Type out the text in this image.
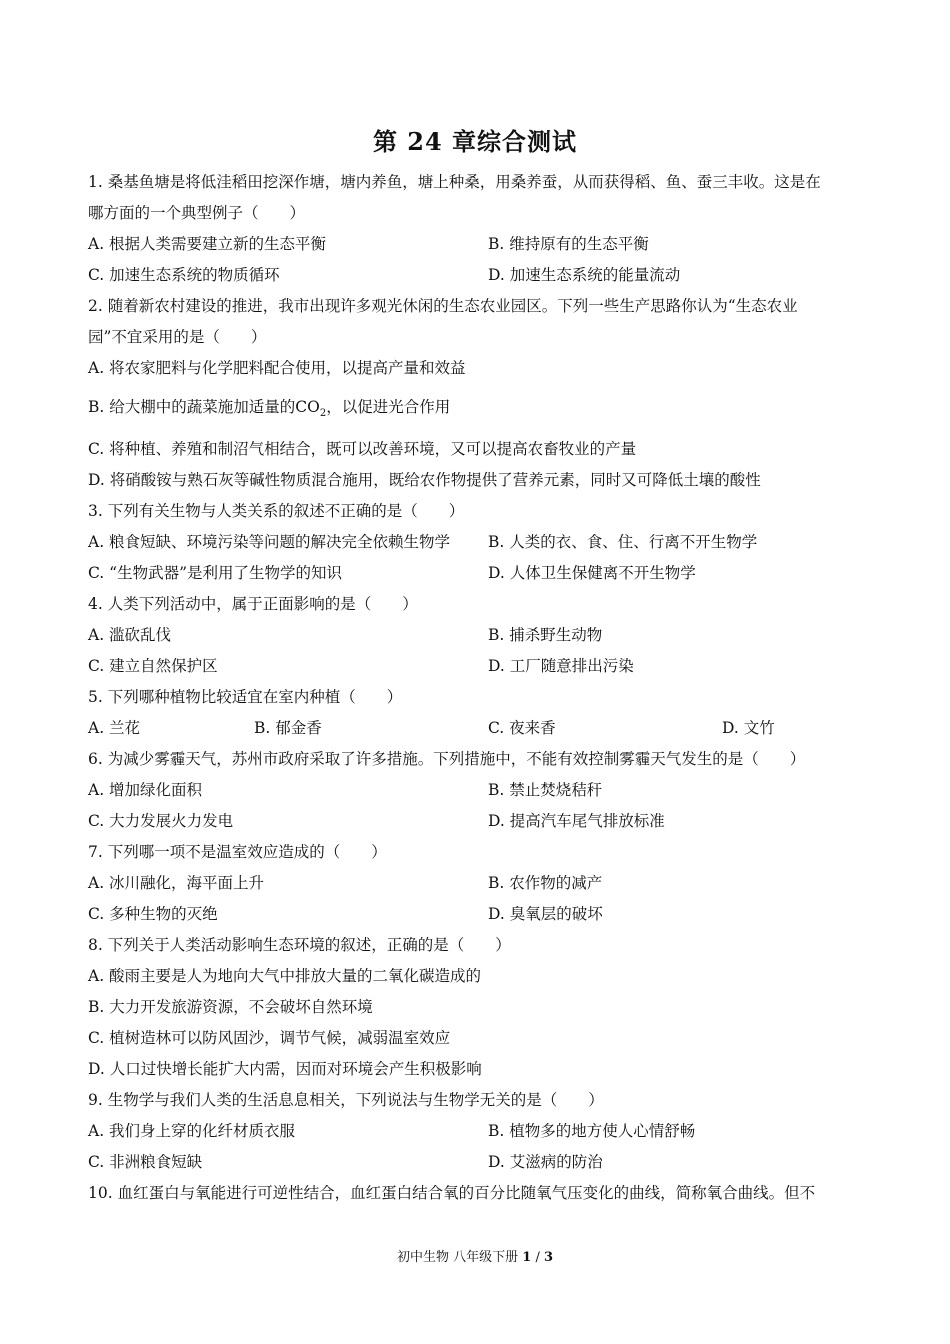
第 24 章综合测试
1. 桑基鱼塘是将低洼稻田挖深作塘，塘内养鱼，塘上种桑，用桑养蚕，从而获得稻、鱼、蚕三丰收。这是在
哪方面的一个典型例子（　　）
A. 根据人类需要建立新的生态平衡	B. 维持原有的生态平衡
C. 加速生态系统的物质循环	D. 加速生态系统的能量流动
2. 随着新农村建设的推进，我市出现许多观光休闲的生态农业园区。下列一些生产思路你认为“生态农业
园”不宜采用的是（　　）
A. 将农家肥料与化学肥料配合使用，以提高产量和效益
B. 给大棚中的蔬菜施加适量的$CO_2$，以促进光合作用
C. 将种植、养殖和制沼气相结合，既可以改善环境，又可以提高农畜牧业的产量
D. 将硝酸铵与熟石灰等碱性物质混合施用，既给农作物提供了营养元素，同时又可降低土壤的酸性
3. 下列有关生物与人类关系的叙述不正确的是（　　）
A. 粮食短缺、环境污染等问题的解决完全依赖生物学 B. 人类的衣、食、住、行离不开生物学
C. “生物武器”是利用了生物学的知识	D. 人体卫生保健离不开生物学
4. 人类下列活动中，属于正面影响的是（　　）
A. 滥砍乱伐	B. 捕杀野生动物
C. 建立自然保护区	D. 工厂随意排出污染
5. 下列哪种植物比较适宜在室内种植（　　）
A. 兰花	B. 郁金香	C. 夜来香	D. 文竹
6. 为减少雾霾天气，苏州市政府采取了许多措施。下列措施中，不能有效控制雾霾天气发生的是（　　）
A. 增加绿化面积	B. 禁止焚烧秸秆
C. 大力发展火力发电	D. 提高汽车尾气排放标准
7. 下列哪一项不是温室效应造成的（　　）
A. 冰川融化，海平面上升	B. 农作物的减产
C. 多种生物的灭绝	D. 臭氧层的破坏
8. 下列关于人类活动影响生态环境的叙述，正确的是（　　）
A. 酸雨主要是人为地向大气中排放大量的二氧化碳造成的
B. 大力开发旅游资源，不会破坏自然环境
C. 植树造林可以防风固沙，调节气候，减弱温室效应
D. 人口过快增长能扩大内需，因而对环境会产生积极影响
9. 生物学与我们人类的生活息息相关，下列说法与生物学无关的是（　　）
A. 我们身上穿的化纤材质衣服	B. 植物多的地方使人心情舒畅
C. 非洲粮食短缺	D. 艾滋病的防治
10. 血红蛋白与氧能进行可逆性结合，血红蛋白结合氧的百分比随氧气压变化的曲线，简称氧合曲线。但不
初中生物 八年级下册 1 / 3
